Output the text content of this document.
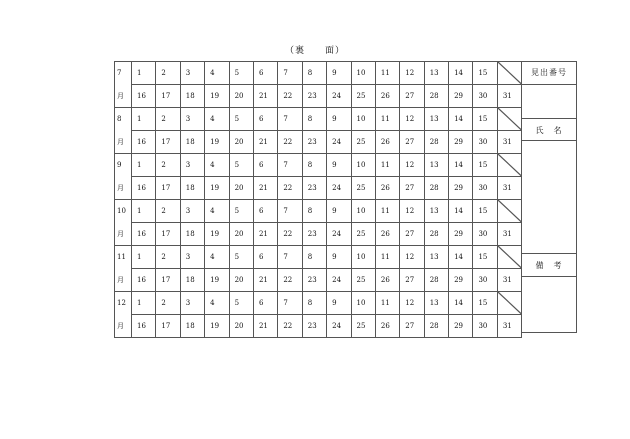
（裏　　面）
7	1	2	3	4	5	6	7	8	9	10	11	12	13	14	15	

月	16	17	18	19	20	21	22	23	24	25	26	27	28	29	30	31
8	1	2	3	4	5	6	7	8	9	10	11	12	13	14	15	

月	16	17	18	19	20	21	22	23	24	25	26	27	28	29	30	31
9	1	2	3	4	5	6	7	8	9	10	11	12	13	14	15	

月	16	17	18	19	20	21	22	23	24	25	26	27	28	29	30	31
10	1	2	3	4	5	6	7	8	9	10	11	12	13	14	15	

月	16	17	18	19	20	21	22	23	24	25	26	27	28	29	30	31
11	1	2	3	4	5	6	7	8	9	10	11	12	13	14	15	

月	16	17	18	19	20	21	22	23	24	25	26	27	28	29	30	31
12	1	2	3	4	5	6	7	8	9	10	11	12	13	14	15	

月	16	17	18	19	20	21	22	23	24	25	26	27	28	29	30	31
見出番号
氏　名
備　考
